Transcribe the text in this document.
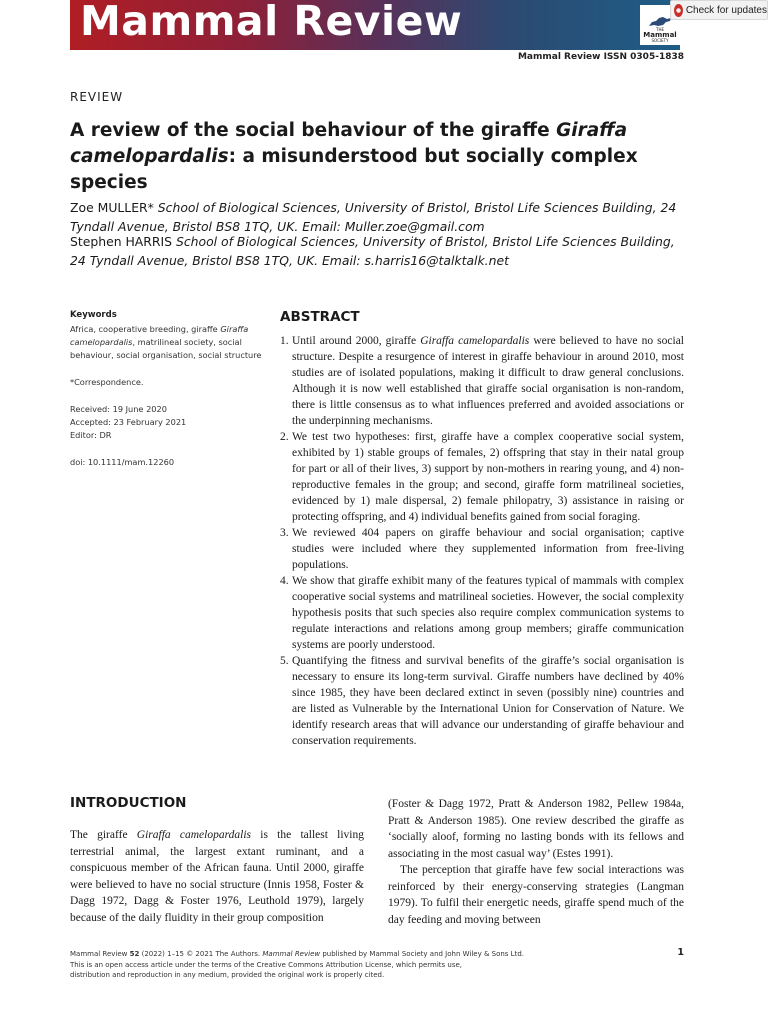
Mammal Review	THE
Mammal
SOCIETY
Check for updates
Mammal Review ISSN 0305-1838
REVIEW
A review of the social behaviour of the giraffe Giraffa camelopardalis: a misunderstood but socially complex species
Zoe MULLER* School of Biological Sciences, University of Bristol, Bristol Life Sciences Building, 24 Tyndall Avenue, Bristol BS8 1TQ, UK. Email: Muller.zoe@gmail.com
Stephen HARRIS School of Biological Sciences, University of Bristol, Bristol Life Sciences Building, 24 Tyndall Avenue, Bristol BS8 1TQ, UK. Email: s.harris16@talktalk.net
Keywords
Africa, cooperative breeding, giraffe Giraffa camelopardalis, matrilineal society, social behaviour, social organisation, social structure
*Correspondence.
Received: 19 June 2020
Accepted: 23 February 2021
Editor: DR
doi: 10.1111/mam.12260
ABSTRACT
1. Until around 2000, giraffe Giraffa camelopardalis were believed to have no social structure. Despite a resurgence of interest in giraffe behaviour in around 2010, most studies are of isolated populations, making it difficult to draw general conclusions. Although it is now well established that giraffe social organisation is non-random, there is little consensus as to what influences preferred and avoided associations or the underpinning mechanisms.
2. We test two hypotheses: first, giraffe have a complex cooperative social system, exhibited by 1) stable groups of females, 2) offspring that stay in their natal group for part or all of their lives, 3) support by non-mothers in rearing young, and 4) non-reproductive females in the group; and second, giraffe form matrilineal societies, evidenced by 1) male dispersal, 2) female philopatry, 3) assistance in raising or protecting offspring, and 4) individual benefits gained from social foraging.
3. We reviewed 404 papers on giraffe behaviour and social organisation; captive studies were included where they supplemented information from free-living populations.
4. We show that giraffe exhibit many of the features typical of mammals with complex cooperative social systems and matrilineal societies. However, the social complexity hypothesis posits that such species also require complex communication systems to regulate interactions and relations among group members; giraffe communication systems are poorly understood.
5. Quantifying the fitness and survival benefits of the giraffe’s social organisation is necessary to ensure its long-term survival. Giraffe numbers have declined by 40% since 1985, they have been declared extinct in seven (possibly nine) countries and are listed as Vulnerable by the International Union for Conservation of Nature. We identify research areas that will advance our understanding of giraffe behaviour and conservation requirements.
INTRODUCTION

The giraffe Giraffa camelopardalis is the tallest living terrestrial animal, the largest extant ruminant, and a conspicuous member of the African fauna. Until 2000, giraffe were believed to have no social structure (Innis 1958, Foster & Dagg 1972, Dagg & Foster 1976, Leuthold 1979), largely because of the daily fluidity in their group composition

(Foster & Dagg 1972, Pratt & Anderson 1982, Pellew 1984a, Pratt & Anderson 1985). One review described the giraffe as ‘socially aloof, forming no lasting bonds with its fellows and associating in the most casual way’ (Estes 1991).

The perception that giraffe have few social interactions was reinforced by their energy-conserving strategies (Langman 1979). To fulfil their energetic needs, giraffe spend much of the day feeding and moving between

Mammal Review 52 (2022) 1–15 © 2021 The Authors. Mammal Review published by Mammal Society and John Wiley & Sons Ltd.
This is an open access article under the terms of the Creative Commons Attribution License, which permits use,
distribution and reproduction in any medium, provided the original work is properly cited.
1
